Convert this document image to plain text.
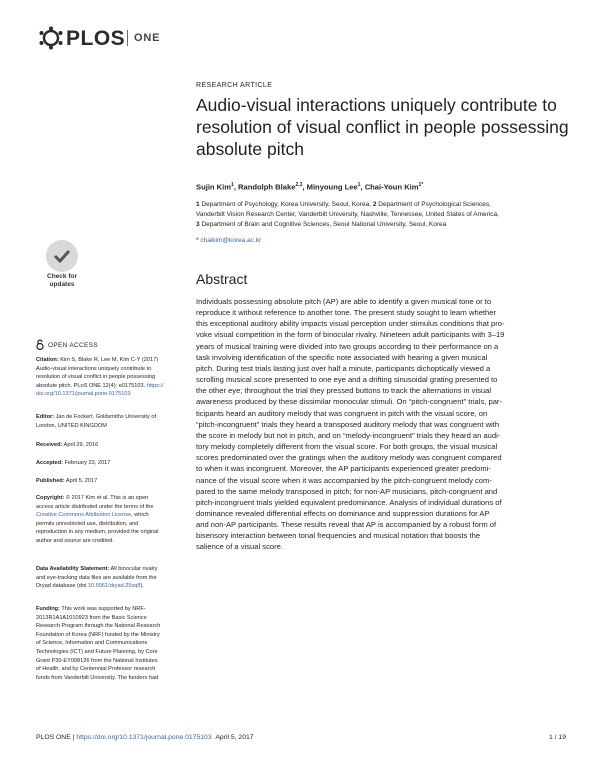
PLOS ONE
RESEARCH ARTICLE
Audio-visual interactions uniquely contribute to resolution of visual conflict in people possessing absolute pitch
Sujin Kim$^1$, Randolph Blake$^{2,3}$, Minyoung Lee$^1$, Chai-Youn Kim$^{1*}$
1 Department of Psychology, Korea University, Seoul, Korea, 2 Department of Psychological Sciences,
Vanderbilt Vision Research Center, Vanderbilt University, Nashville, Tennessee, United States of America,
3 Department of Brain and Cognitive Sciences, Seoul National University, Seoul, Korea
* chaikim@korea.ac.kr
Abstract
Individuals possessing absolute pitch (AP) are able to identify a given musical tone or to
reproduce it without reference to another tone. The present study sought to learn whether
this exceptional auditory ability impacts visual perception under stimulus conditions that pro-
voke visual competition in the form of binocular rivalry. Nineteen adult participants with 3–19
years of musical training were divided into two groups according to their performance on a
task involving identification of the specific note associated with hearing a given musical
pitch. During test trials lasting just over half a minute, participants dichoptically viewed a
scrolling musical score presented to one eye and a drifting sinusoidal grating presented to
the other eye; throughout the trial they pressed buttons to track the alternations in visual
awareness produced by these dissimilar monocular stimuli. On “pitch-congruent” trials, par-
ticipants heard an auditory melody that was congruent in pitch with the visual score, on
“pitch-incongruent” trials they heard a transposed auditory melody that was congruent with
the score in melody but not in pitch, and on “melody-incongruent” trials they heard an audi-
tory melody completely different from the visual score. For both groups, the visual musical
scores predominated over the gratings when the auditory melody was congruent compared
to when it was incongruent. Moreover, the AP participants experienced greater predomi-
nance of the visual score when it was accompanied by the pitch-congruent melody com-
pared to the same melody transposed in pitch; for non-AP musicians, pitch-congruent and
pitch-incongruent trials yielded equivalent predominance. Analysis of individual durations of
dominance revealed differential effects on dominance and suppression durations for AP
and non-AP participants. These results reveal that AP is accompanied by a robust form of
bisensory interaction between tonal frequencies and musical notation that boosts the
salience of a visual score.
Check for
updates
OPEN ACCESS
Citation: Kim S, Blake R, Lee M, Kim C-Y (2017)
Audio-visual interactions uniquely contribute to
resolution of visual conflict in people possessing
absolute pitch. PLoS ONE 12(4): e0175103. https://
doi.org/10.1371/journal.pone.0175103
Editor: Jan de Fockert, Goldsmiths University of
London, UNITED KINGDOM
Received: April 29, 2016
Accepted: February 23, 2017
Published: April 5, 2017
Copyright: © 2017 Kim et al. This is an open
access article distributed under the terms of the
Creative Commons Attribution License, which
permits unrestricted use, distribution, and
reproduction in any medium, provided the original
author and source are credited.
Data Availability Statement: All binocular rivalry
and eye-tracking data files are available from the
Dryad database (doi 10.5061/dryad.25sq8).
Funding: This work was supported by NRF-
2013R1A1A1010923 from the Basic Science
Research Program through the National Research
Foundation of Korea (NRF) funded by the Ministry
of Science, Information and Communications
Technologies (ICT) and Future Planning, by Core
Grant P30-EY008126 from the National Institutes
of Health, and by Centennial Professor research
funds from Vanderbilt University. The funders had
PLOS ONE | https://doi.org/10.1371/journal.pone.0175103 April 5, 2017	1 / 19
